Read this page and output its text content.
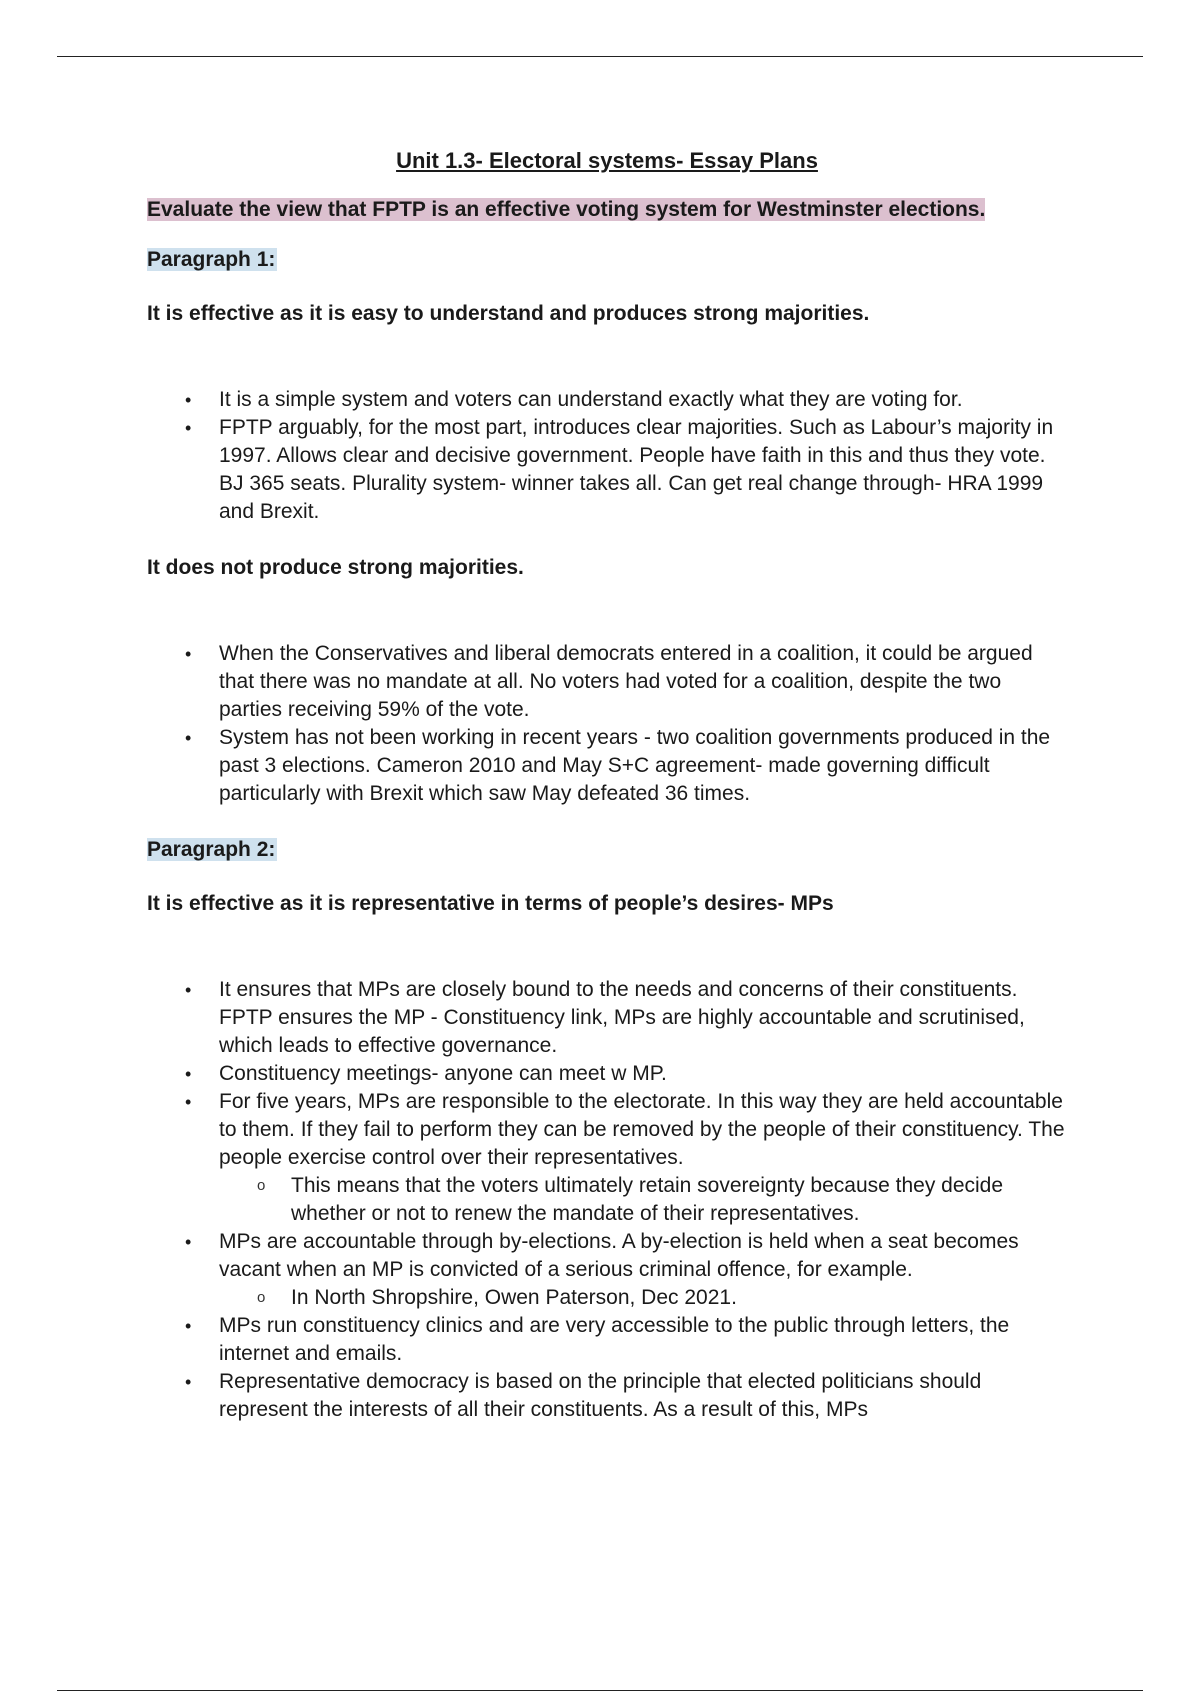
Unit 1.3- Electoral systems- Essay Plans
Evaluate the view that FPTP is an effective voting system for Westminster elections.
Paragraph 1:
It is effective as it is easy to understand and produces strong majorities.
• It is a simple system and voters can understand exactly what they are voting for.
• FPTP arguably, for the most part, introduces clear majorities. Such as Labour’s majority in 1997. Allows clear and decisive government. People have faith in this and thus they vote. BJ 365 seats. Plurality system- winner takes all. Can get real change through- HRA 1999 and Brexit.
It does not produce strong majorities.
• When the Conservatives and liberal democrats entered in a coalition, it could be argued that there was no mandate at all. No voters had voted for a coalition, despite the two parties receiving 59% of the vote.
• System has not been working in recent years - two coalition governments produced in the past 3 elections. Cameron 2010 and May S+C agreement- made governing difficult particularly with Brexit which saw May defeated 36 times.
Paragraph 2:
It is effective as it is representative in terms of people’s desires- MPs
• It ensures that MPs are closely bound to the needs and concerns of their constituents. FPTP ensures the MP - Constituency link, MPs are highly accountable and scrutinised, which leads to effective governance.
• Constituency meetings- anyone can meet w MP.
• For five years, MPs are responsible to the electorate. In this way they are held accountable to them. If they fail to perform they can be removed by the people of their constituency. The people exercise control over their representatives.
o This means that the voters ultimately retain sovereignty because they decide whether or not to renew the mandate of their representatives.
• MPs are accountable through by-elections. A by-election is held when a seat becomes vacant when an MP is convicted of a serious criminal offence, for example.
o In North Shropshire, Owen Paterson, Dec 2021.
• MPs run constituency clinics and are very accessible to the public through letters, the internet and emails.
• Representative democracy is based on the principle that elected politicians should represent the interests of all their constituents. As a result of this, MPs
